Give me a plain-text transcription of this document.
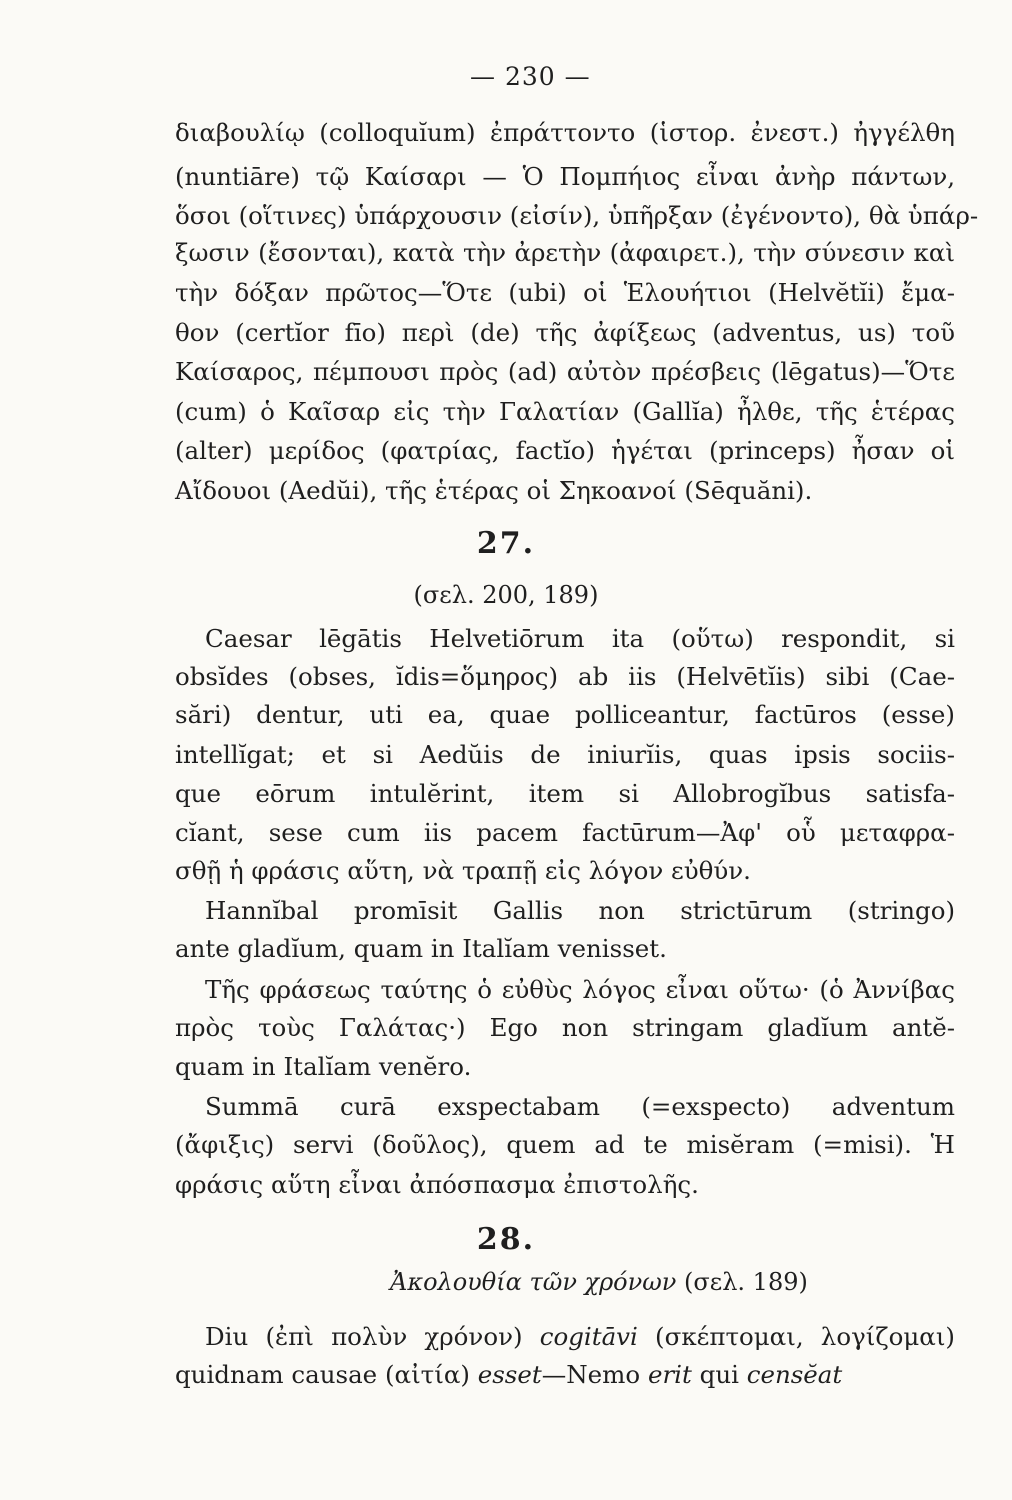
— 230 —
διαβουλίῳ (colloquĭum) ἐπράττοντο (ἱστορ. ἐνεστ.) ἠγγέλθη
(nuntiāre) τῷ Καίσαρι — Ὁ Πομπήιος εἶναι ἀνὴρ πάντων,
ὅσοι (οἵτινες) ὑπάρχουσιν (εἰσίν), ὑπῆρξαν (ἐγένοντο), θὰ ὑπάρ-
ξωσιν (ἔσονται), κατὰ τὴν ἀρετὴν (ἀφαιρετ.), τὴν σύνεσιν καὶ
τὴν δόξαν πρῶτος—Ὅτε (ubi) οἱ Ἑλουήτιοι (Helvĕtĭi) ἔμα-
θον (certĭor fīo) περὶ (de) τῆς ἀφίξεως (adventus, us) τοῦ
Καίσαρος, πέμπουσι πρὸς (ad) αὐτὸν πρέσβεις (lēgatus)—Ὅτε
(cum) ὁ Καῖσαρ εἰς τὴν Γαλατίαν (Gallĭa) ἦλθε, τῆς ἑτέρας
(alter) μερίδος (φατρίας, factĭo) ἡγέται (princeps) ἦσαν οἱ
Αἴδουοι (Aedŭi), τῆς ἑτέρας οἱ Σηκοανοί (Sēquăni).
27.
(σελ. 200, 189)
Caesar lēgātis Helvetiōrum ita (οὕτω) respondit, si
obsĭdes (obses, ĭdis=ὅμηρος) ab iis (Helvētĭis) sibi (Cae-
sări) dentur, uti ea, quae polliceantur, factūros (esse)
intellĭgat; et si Aedŭis de iniurĭis, quas ipsis sociis-
que eōrum intulĕrint, item si Allobrogĭbus satisfa-
cĭant, sese cum iis pacem factūrum—Ἀφ' οὗ μεταφρα-
σθῇ ἡ φράσις αὕτη, νὰ τραπῇ εἰς λόγον εὐθύν.
Hannĭbal promīsit Gallis non strictūrum (stringo)
ante gladĭum, quam in Italĭam venisset.
Τῆς φράσεως ταύτης ὁ εὐθὺς λόγος εἶναι οὕτω· (ὁ Ἀννίβας
πρὸς τοὺς Γαλάτας·) Ego non stringam gladĭum antĕ-
quam in Italĭam venĕro.
Summā curā exspectabam (=exspecto) adventum
(ἄφιξις) servi (δοῦλος), quem ad te misĕram (=misi). Ἡ
φράσις αὕτη εἶναι ἀπόσπασμα ἐπιστολῆς.
28.
Ἀκολουθία τῶν χρόνων (σελ. 189)
Diu (ἐπὶ πολὺν χρόνον) cogitāvi (σκέπτομαι, λογίζομαι)
quidnam causae (αἰτία) esset—Nemo erit qui censĕat
